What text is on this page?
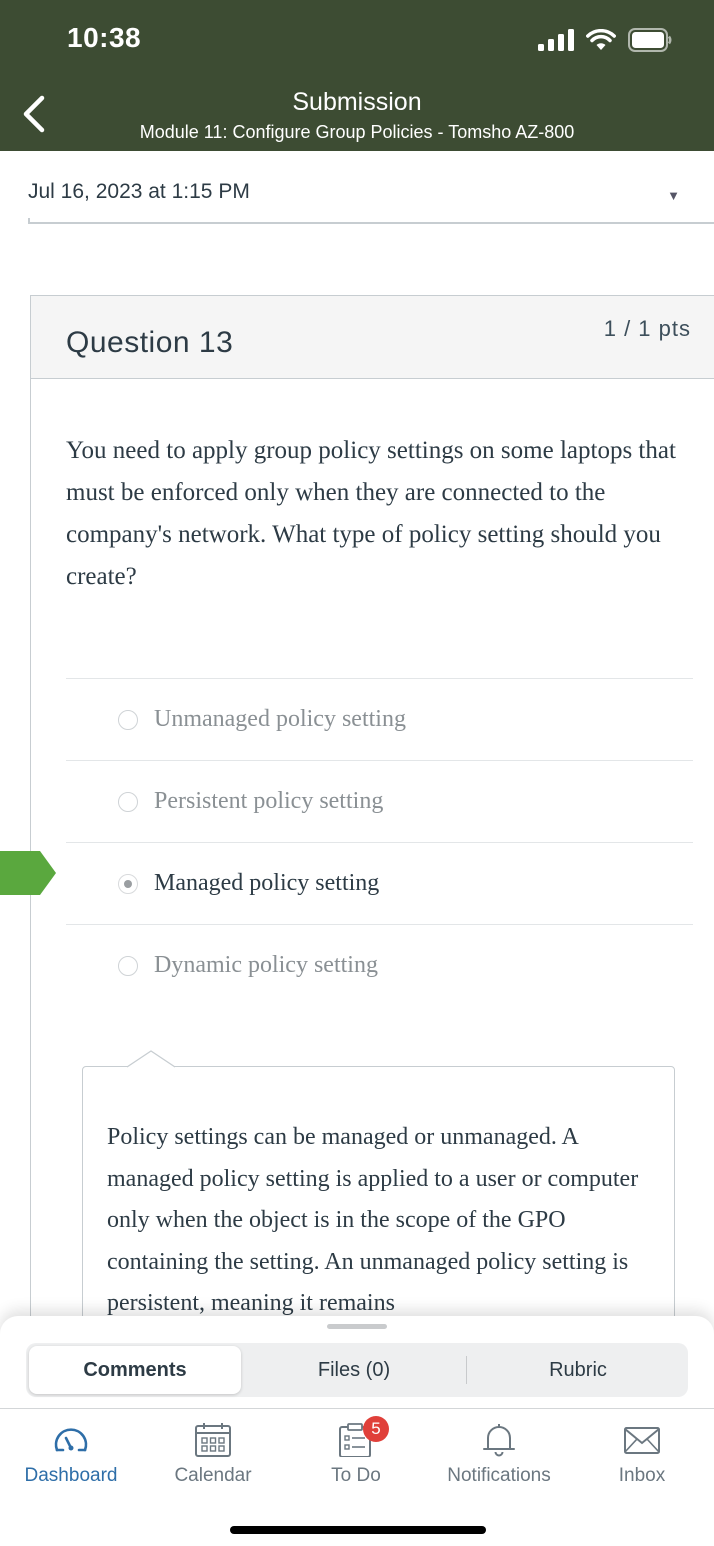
10:38
Submission
Module 11: Configure Group Policies - Tomsho AZ-800
Jul 16, 2023 at 1:15 PM	▼
Question 13	1 / 1 pts
You need to apply group policy settings on some laptops that must be enforced only when they are connected to the company's network. What type of policy setting should you create?
Unmanaged policy setting
Persistent policy setting
Managed policy setting
Dynamic policy setting
Policy settings can be managed or unmanaged. A managed policy setting is applied to a user or computer only when the object is in the scope of the GPO containing the setting. An unmanaged policy setting is persistent, meaning it remains
Comments	Files (0)	Rubric
Dashboard	Calendar
5
To Do	Notifications	Inbox
